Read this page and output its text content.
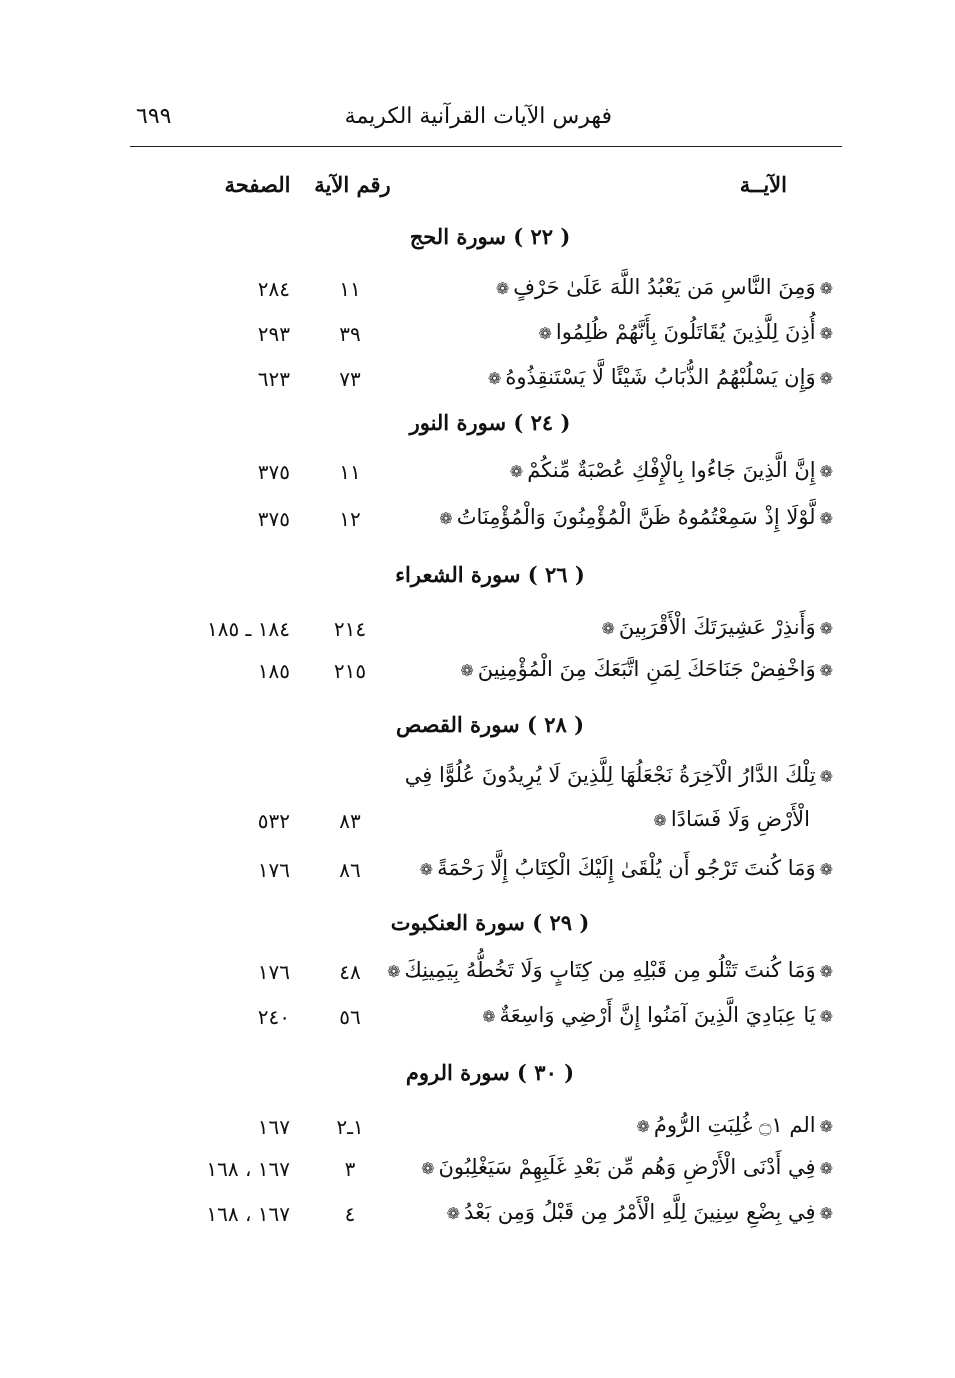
فهرس الآيات القرآنية الكريمة
٦٩٩
الآيــة
رقم الآية
الصفحة
( ٢٢ ) سورة الحج
❁وَمِنَ النَّاسِ مَن يَعْبُدُ اللَّهَ عَلَىٰ حَرْفٍ❁
١١
٢٨٤
❁أُذِنَ لِلَّذِينَ يُقَاتَلُونَ بِأَنَّهُمْ ظُلِمُوا❁
٣٩
٢٩٣
❁وَإِن يَسْلُبْهُمُ الذُّبَابُ شَيْئًا لَّا يَسْتَنقِذُوهُ❁
٧٣
٦٢٣
( ٢٤ ) سورة النور
❁إِنَّ الَّذِينَ جَاءُوا بِالْإِفْكِ عُصْبَةٌ مِّنكُمْ❁
١١
٣٧٥
❁لَّوْلَا إِذْ سَمِعْتُمُوهُ ظَنَّ الْمُؤْمِنُونَ وَالْمُؤْمِنَاتُ❁
١٢
٣٧٥
( ٢٦ ) سورة الشعراء
❁وَأَنذِرْ عَشِيرَتَكَ الْأَقْرَبِينَ❁
٢١٤
١٨٤ ـ ١٨٥
❁وَاخْفِضْ جَنَاحَكَ لِمَنِ اتَّبَعَكَ مِنَ الْمُؤْمِنِينَ❁
٢١٥
١٨٥
( ٢٨ ) سورة القصص
❁تِلْكَ الدَّارُ الْآخِرَةُ نَجْعَلُهَا لِلَّذِينَ لَا يُرِيدُونَ عُلُوًّا فِي
الْأَرْضِ وَلَا فَسَادًا❁
٨٣
٥٣٢
❁وَمَا كُنتَ تَرْجُو أَن يُلْقَىٰ إِلَيْكَ الْكِتَابُ إِلَّا رَحْمَةً❁
٨٦
١٧٦
( ٢٩ ) سورة العنكبوت
❁وَمَا كُنتَ تَتْلُو مِن قَبْلِهِ مِن كِتَابٍ وَلَا تَخُطُّهُ بِيَمِينِكَ❁
٤٨
١٧٦
❁يَا عِبَادِيَ الَّذِينَ آمَنُوا إِنَّ أَرْضِي وَاسِعَةٌ❁
٥٦
٢٤٠
( ٣٠ ) سورة الروم
❁الم ۝١ غُلِبَتِ الرُّومُ❁
١ـ٢
١٦٧
❁فِي أَدْنَى الْأَرْضِ وَهُم مِّن بَعْدِ غَلَبِهِمْ سَيَغْلِبُونَ❁
٣
١٦٧ ، ١٦٨
❁فِي بِضْعِ سِنِينَ لِلَّهِ الْأَمْرُ مِن قَبْلُ وَمِن بَعْدُ❁
٤
١٦٧ ، ١٦٨
